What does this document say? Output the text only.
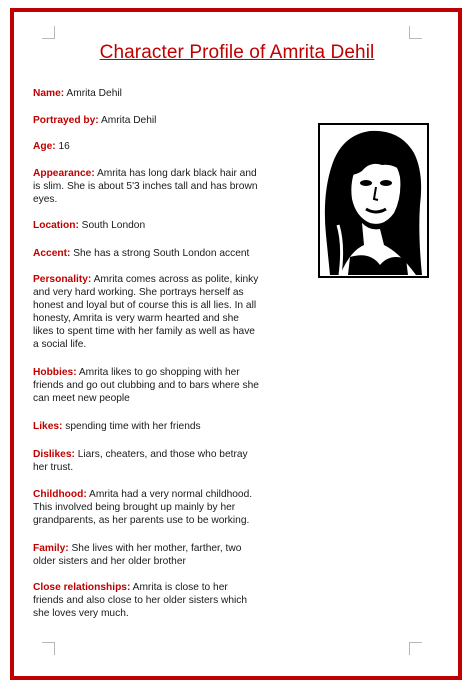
Character Profile of Amrita Dehil

Name: Amrita Dehil

Portrayed by: Amrita Dehil

Age: 16

Appearance: Amrita has long dark black hair and
is slim. She is about 5'3 inches tall and has brown
eyes.

Location: South London

Accent: She has a strong South London accent

Personality: Amrita comes across as polite, kinky
and very hard working. She portrays herself as
honest and loyal but of course this is all lies. In all
honesty, Amrita is very warm hearted and she
likes to spent time with her family as well as have
a social life.

Hobbies: Amrita likes to go shopping with her
friends and go out clubbing and to bars where she
can meet new people

Likes: spending time with her friends

Dislikes: Liars, cheaters, and those who betray
her trust.

Childhood: Amrita had a very normal childhood.
This involved being brought up mainly by her
grandparents, as her parents use to be working.

Family: She lives with her mother, farther, two
older sisters and her older brother

Close relationships: Amrita is close to her
friends and also close to her older sisters which
she loves very much.
